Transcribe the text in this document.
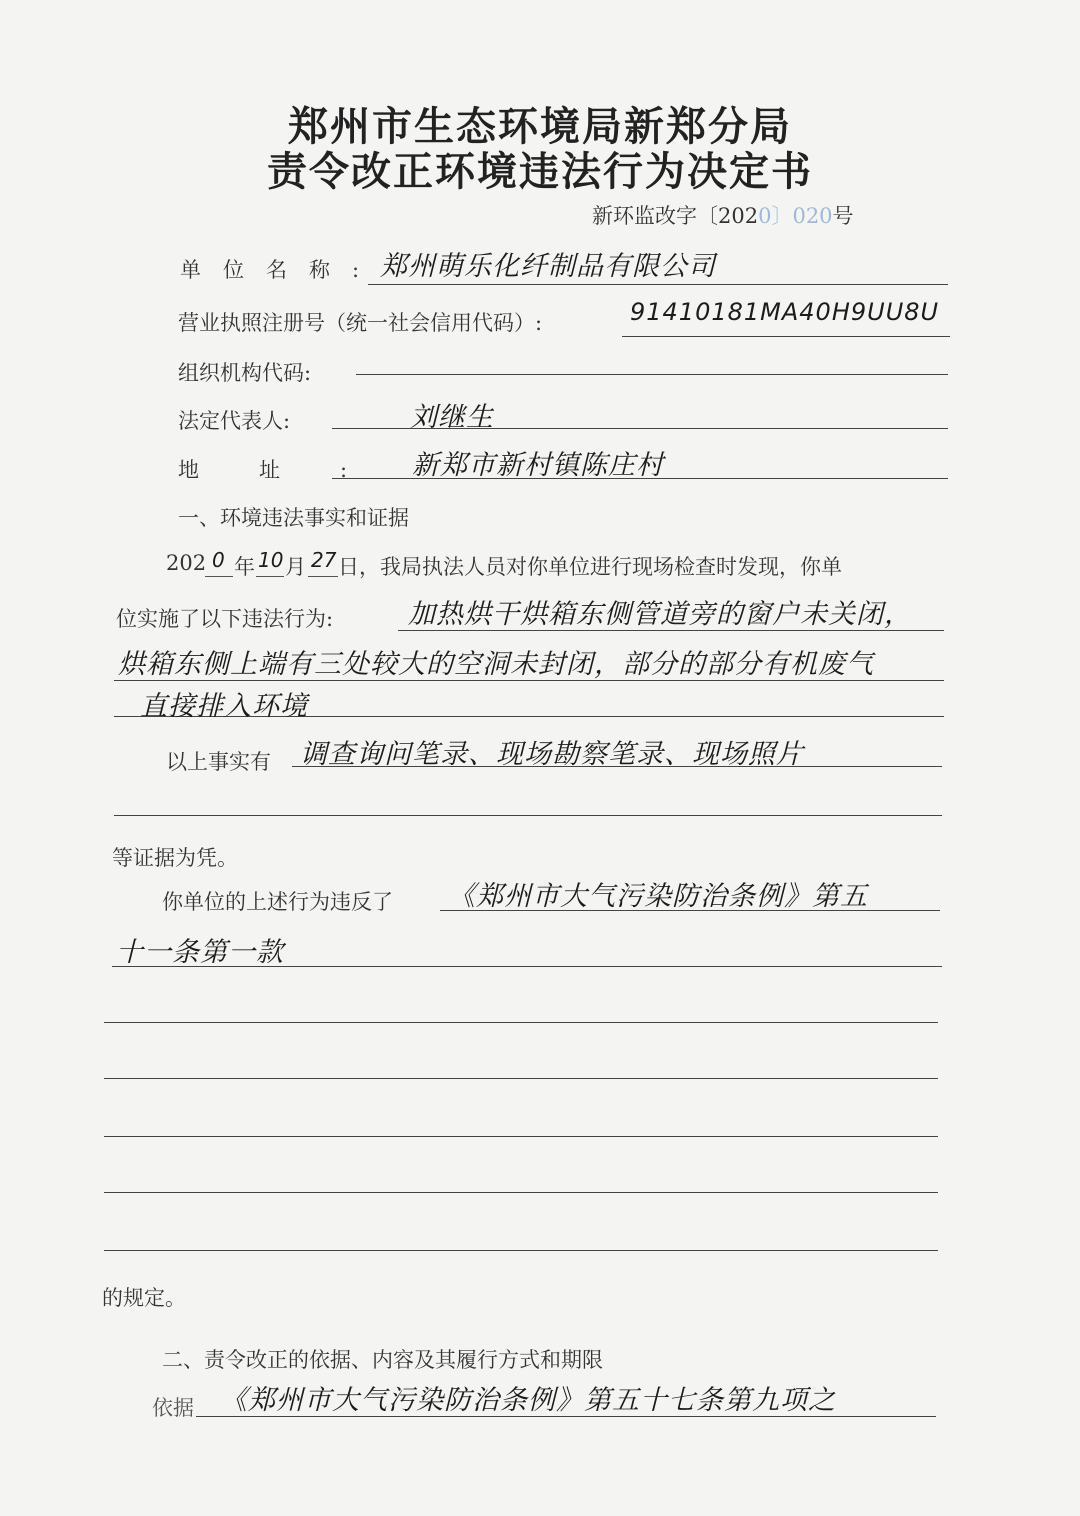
郑州市生态环境局新郑分局
责令改正环境违法行为决定书
新环监改字〔2020〕020号
单位名称:
郑州萌乐化纤制品有限公司
营业执照注册号（统一社会信用代码）:	91410181MA40H9UU8U
组织机构代码:
法定代表人:	刘继生
地址: 新郑市新村镇陈庄村
一、环境违法事实和证据
202 0 年 10 月 27 日，我局执法人员对你单位进行现场检查时发现，你单
位实施了以下违法行为:	加热烘干烘箱东侧管道旁的窗户未关闭，
烘箱东侧上端有三处较大的空洞未封闭，部分的部分有机废气
直接排入环境
以上事实有 调查询问笔录、现场勘察笔录、现场照片
等证据为凭。
你单位的上述行为违反了 《郑州市大气污染防治条例》第五
十一条第一款
的规定。
二、责令改正的依据、内容及其履行方式和期限
依据 《郑州市大气污染防治条例》第五十七条第九项之
